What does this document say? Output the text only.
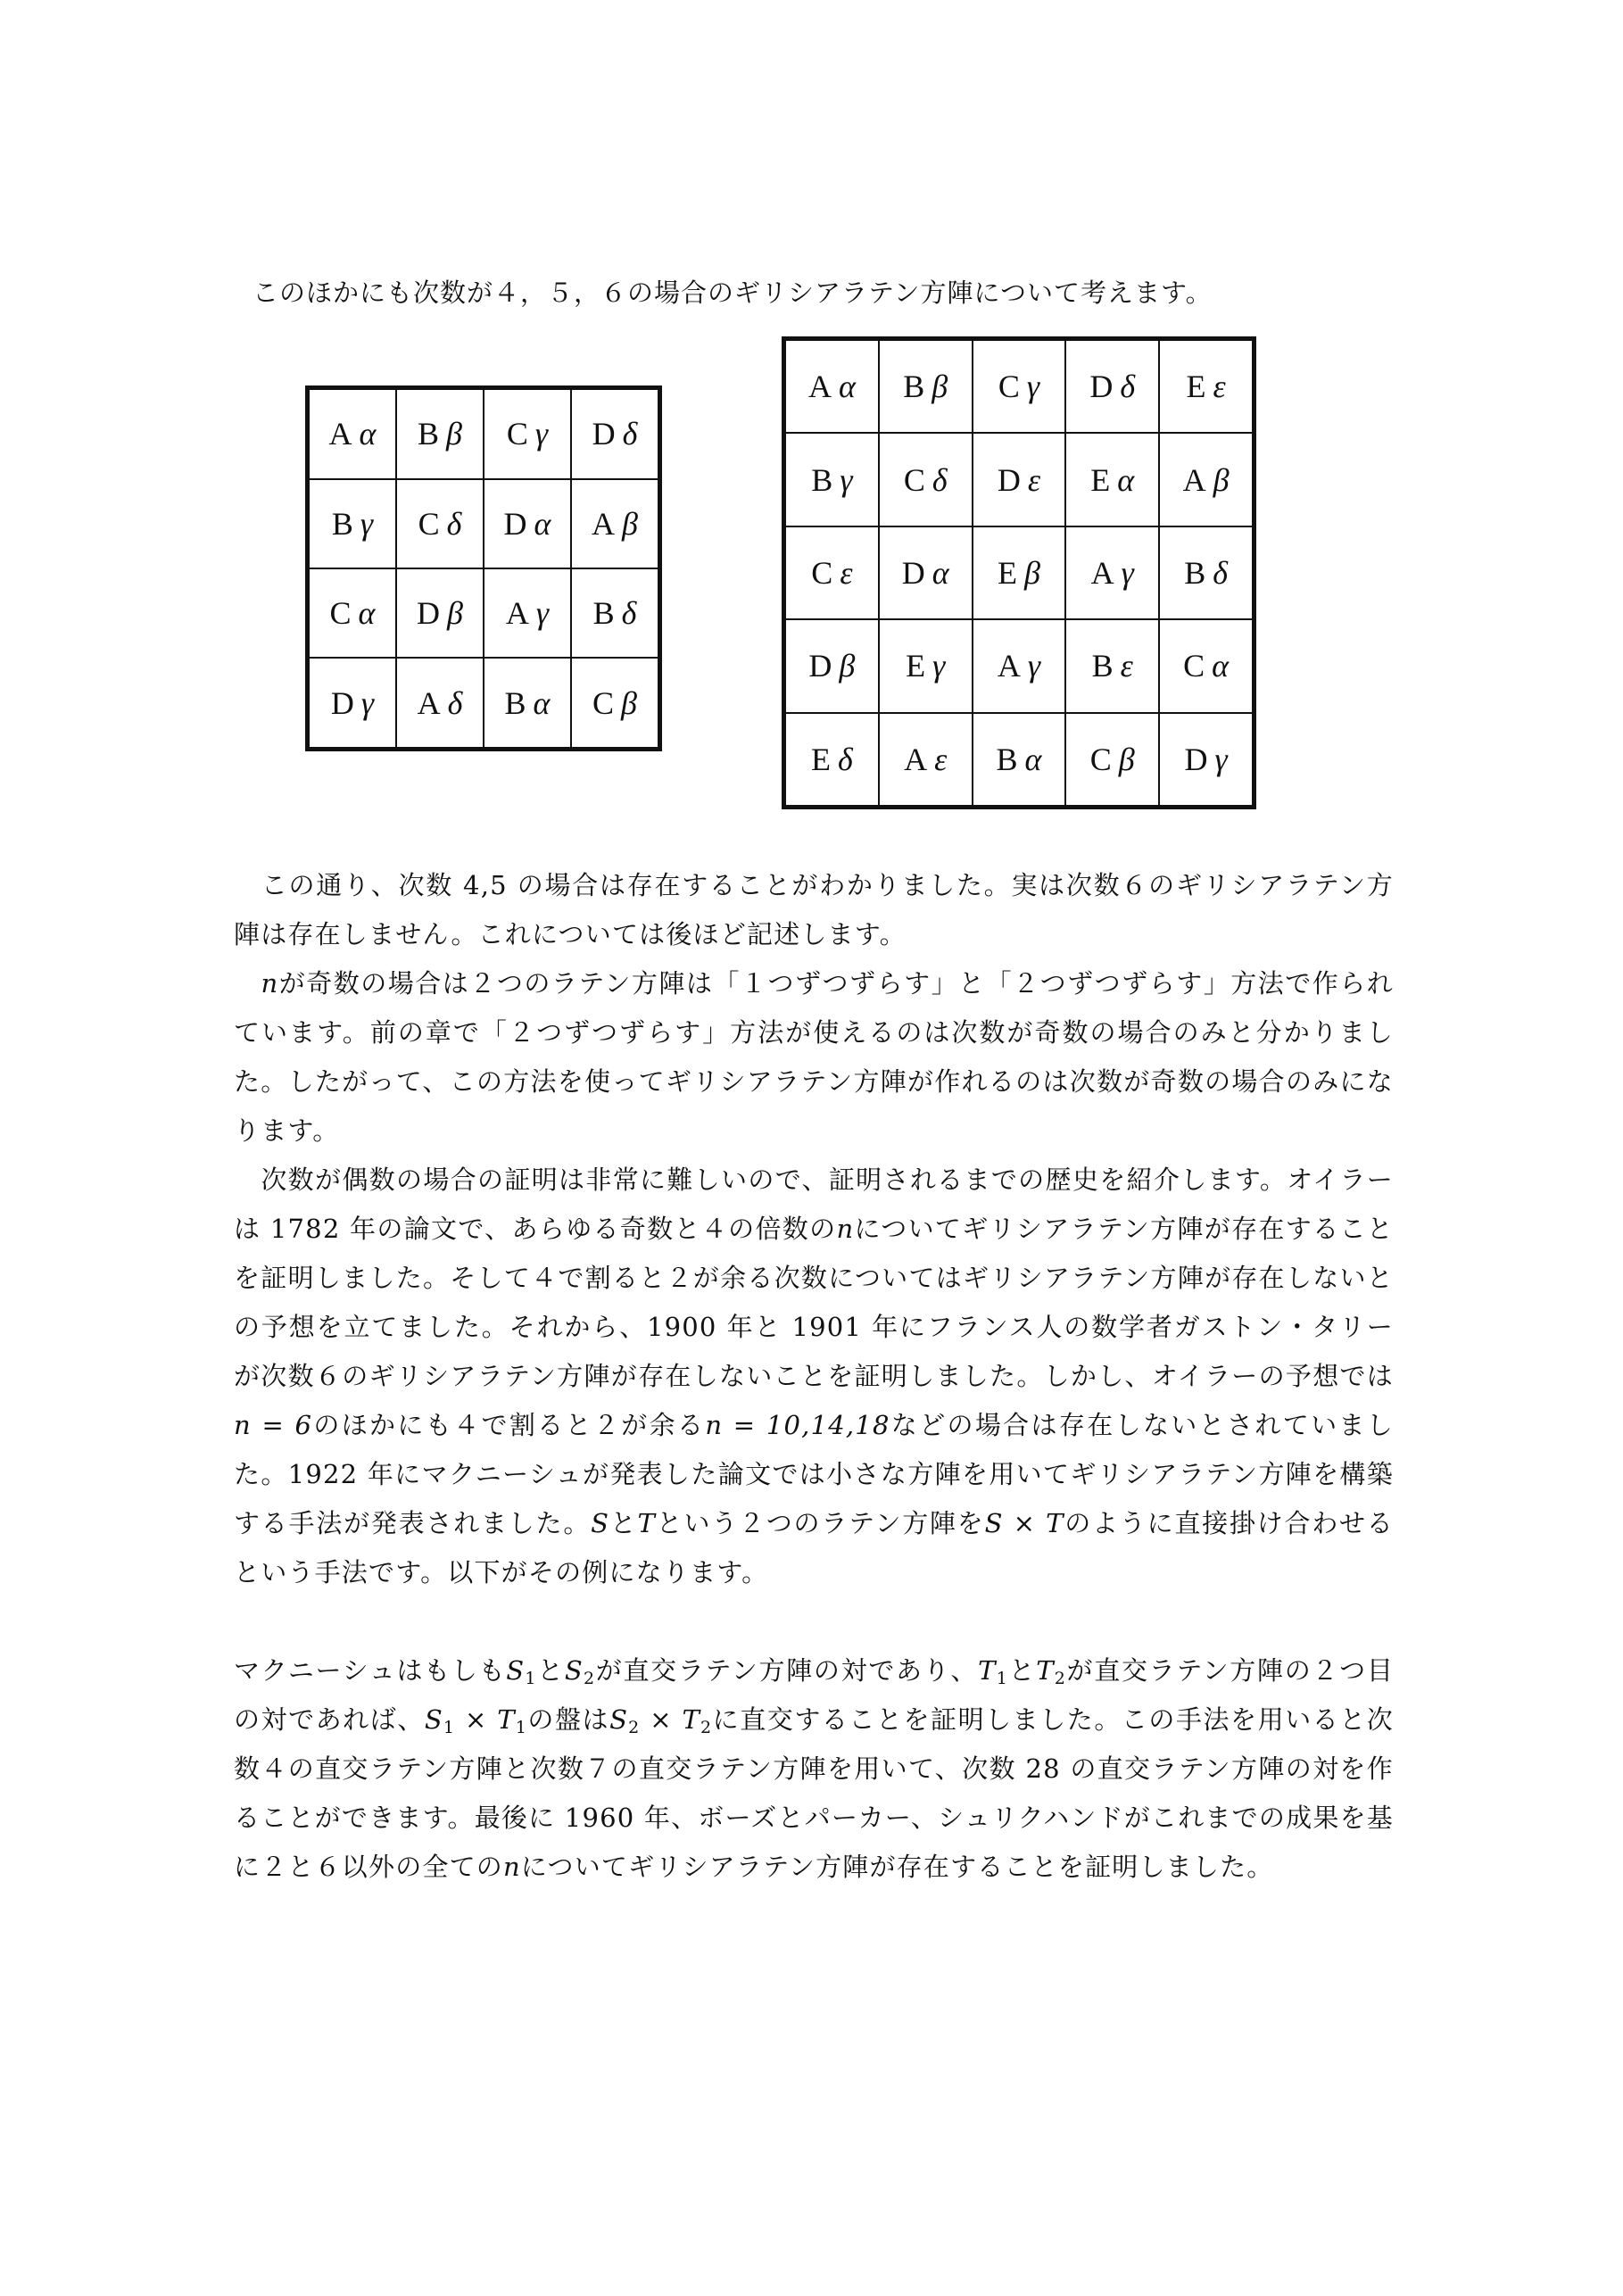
このほかにも次数が４，５，６の場合のギリシアラテン方陣について考えます。
A α	B β	C γ	D δ
B γ	C δ	D α	A β
C α	D β	A γ	B δ
D γ	A δ	B α	C β
A α	B β	C γ	D δ	E ε
B γ	C δ	D ε	E α	A β
C ε	D α	E β	A γ	B δ
D β	E γ	A γ	B ε	C α
E δ	A ε	B α	C β	D γ

　この通り、次数 4,5 の場合は存在することがわかりました。実は次数６のギリシアラテン方陣は存在しません。これについては後ほど記述します。

　nが奇数の場合は２つのラテン方陣は「１つずつずらす」と「２つずつずらす」方法で作られています。前の章で「２つずつずらす」方法が使えるのは次数が奇数の場合のみと分かりました。したがって、この方法を使ってギリシアラテン方陣が作れるのは次数が奇数の場合のみになります。

　次数が偶数の場合の証明は非常に難しいので、証明されるまでの歴史を紹介します。オイラーは 1782 年の論文で、あらゆる奇数と４の倍数のnについてギリシアラテン方陣が存在することを証明しました。そして４で割ると２が余る次数についてはギリシアラテン方陣が存在しないとの予想を立てました。それから、1900 年と 1901 年にフランス人の数学者ガストン・タリーが次数６のギリシアラテン方陣が存在しないことを証明しました。しかし、オイラーの予想ではn = 6のほかにも４で割ると２が余るn = 10,14,18などの場合は存在しないとされていました。1922 年にマクニーシュが発表した論文では小さな方陣を用いてギリシアラテン方陣を構築する手法が発表されました。SとTという２つのラテン方陣をS × Tのように直接掛け合わせるという手法です。以下がその例になります。

マクニーシュはもしも$S_1$と$S_2$が直交ラテン方陣の対であり、$T_1$と$T_2$が直交ラテン方陣の２つ目の対であれば、$S_1 \times T_1$の盤は$S_2 \times T_2$に直交することを証明しました。この手法を用いると次数４の直交ラテン方陣と次数７の直交ラテン方陣を用いて、次数 28 の直交ラテン方陣の対を作ることができます。最後に 1960 年、ボーズとパーカー、シュリクハンドがこれまでの成果を基に２と６以外の全てのnについてギリシアラテン方陣が存在することを証明しました。
